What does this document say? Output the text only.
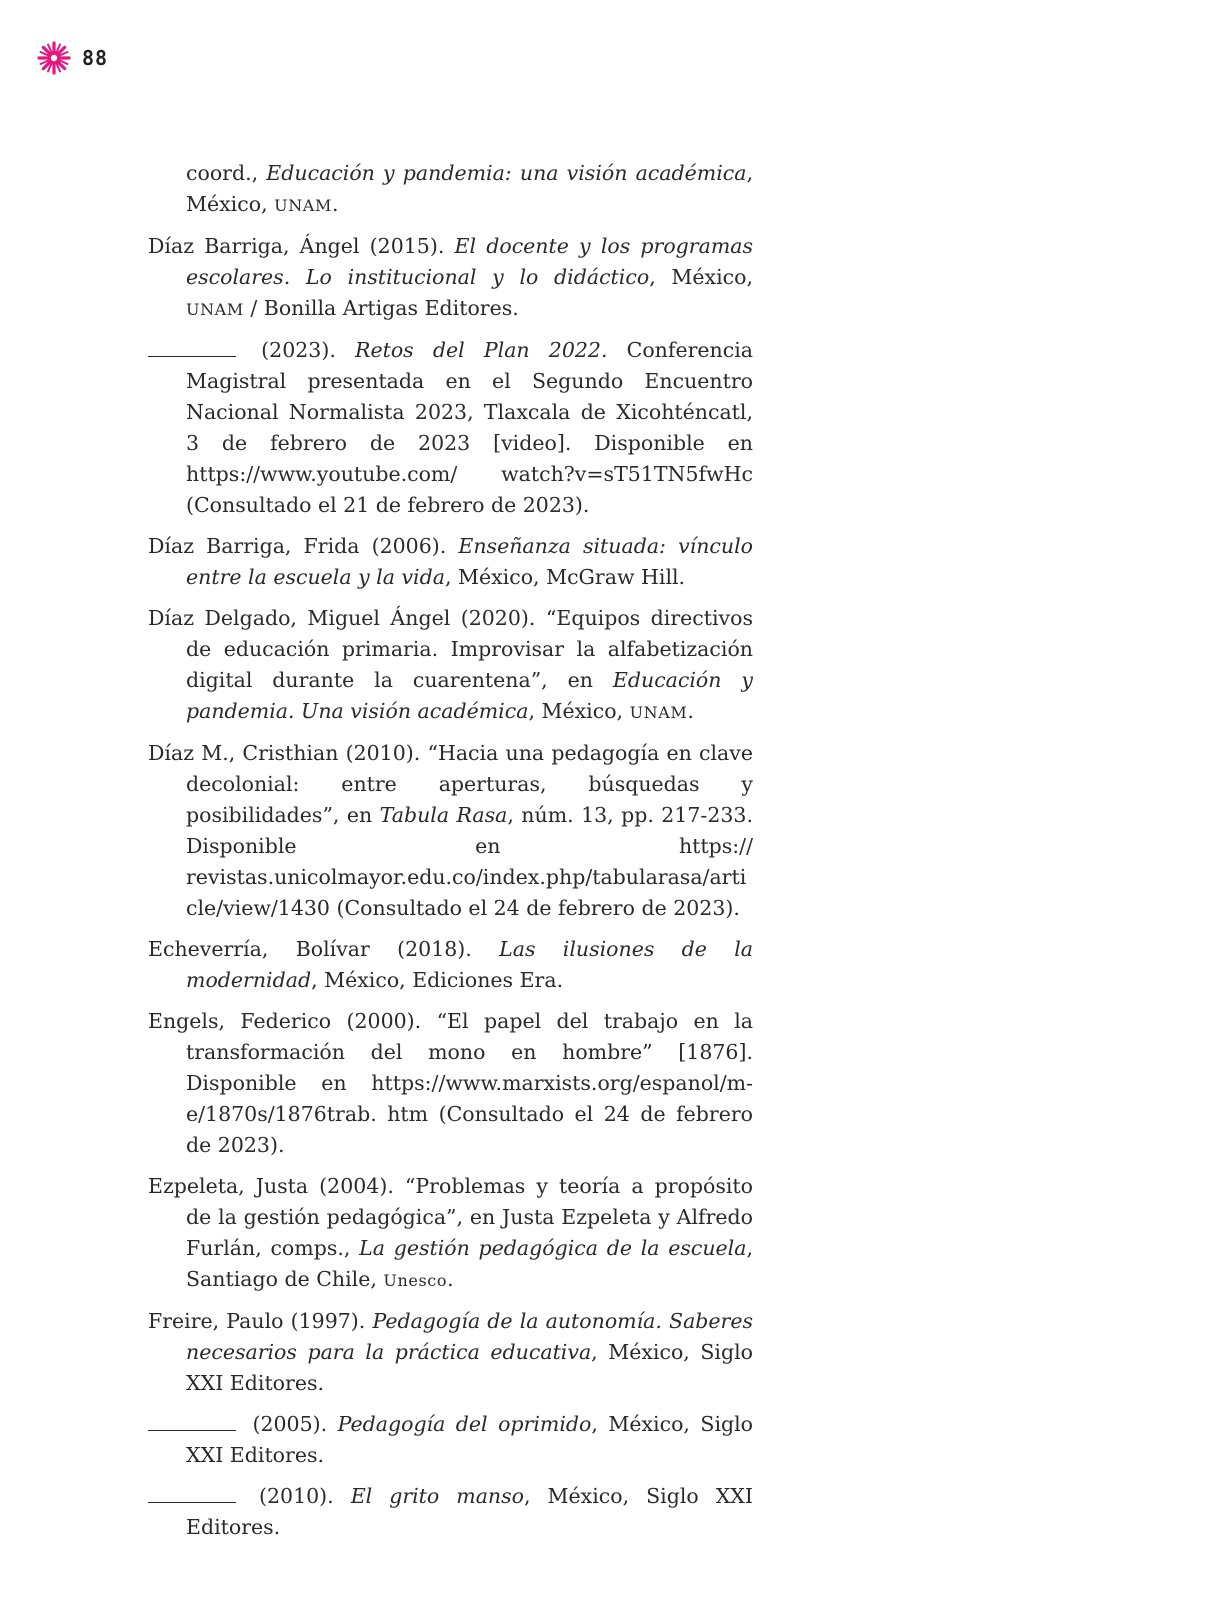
88

coord., Educación y pandemia: una visión académica, México, UNAM.

Díaz Barriga, Ángel (2015). El docente y los programas escolares. Lo institucional y lo didáctico, México, UNAM / Bonilla Artigas Editores.

(2023). Retos del Plan 2022. Conferencia Magistral presentada en el Segundo Encuentro Nacional Normalista 2023, Tlaxcala de Xicohténcatl, 3 de febrero de 2023 [video]. Disponible en https://www.youtube.com/ watch?v=sT51TN5fwHc (Consultado el 21 de febrero de 2023).

Díaz Barriga, Frida (2006). Enseñanza situada: vínculo entre la escuela y la vida, México, McGraw Hill.

Díaz Delgado, Miguel Ángel (2020). “Equipos directivos de educación primaria. Improvisar la alfabetización digital durante la cuarentena”, en Educación y pandemia. Una visión académica, México, UNAM.

Díaz M., Cristhian (2010). “Hacia una pedagogía en clave decolonial: entre aperturas, búsquedas y posibilidades”, en Tabula Rasa, núm. 13, pp. 217-233. Disponible en https:// revistas.unicolmayor.edu.co/index.php/tabularasa/article/view/1430 (Consultado el 24 de febrero de 2023).

Echeverría, Bolívar (2018). Las ilusiones de la modernidad, México, Ediciones Era.

Engels, Federico (2000). “El papel del trabajo en la transformación del mono en hombre” [1876]. Disponible en https://www.marxists.org/espanol/m-e/1870s/1876trab. htm (Consultado el 24 de febrero de 2023).

Ezpeleta, Justa (2004). “Problemas y teoría a propósito de la gestión pedagógica”, en Justa Ezpeleta y Alfredo Furlán, comps., La gestión pedagógica de la escuela, Santiago de Chile, Unesco.

Freire, Paulo (1997). Pedagogía de la autonomía. Saberes necesarios para la práctica educativa, México, Siglo XXI Editores.

(2005). Pedagogía del oprimido, México, Siglo XXI Editores.

(2010). El grito manso, México, Siglo XXI Editores.
